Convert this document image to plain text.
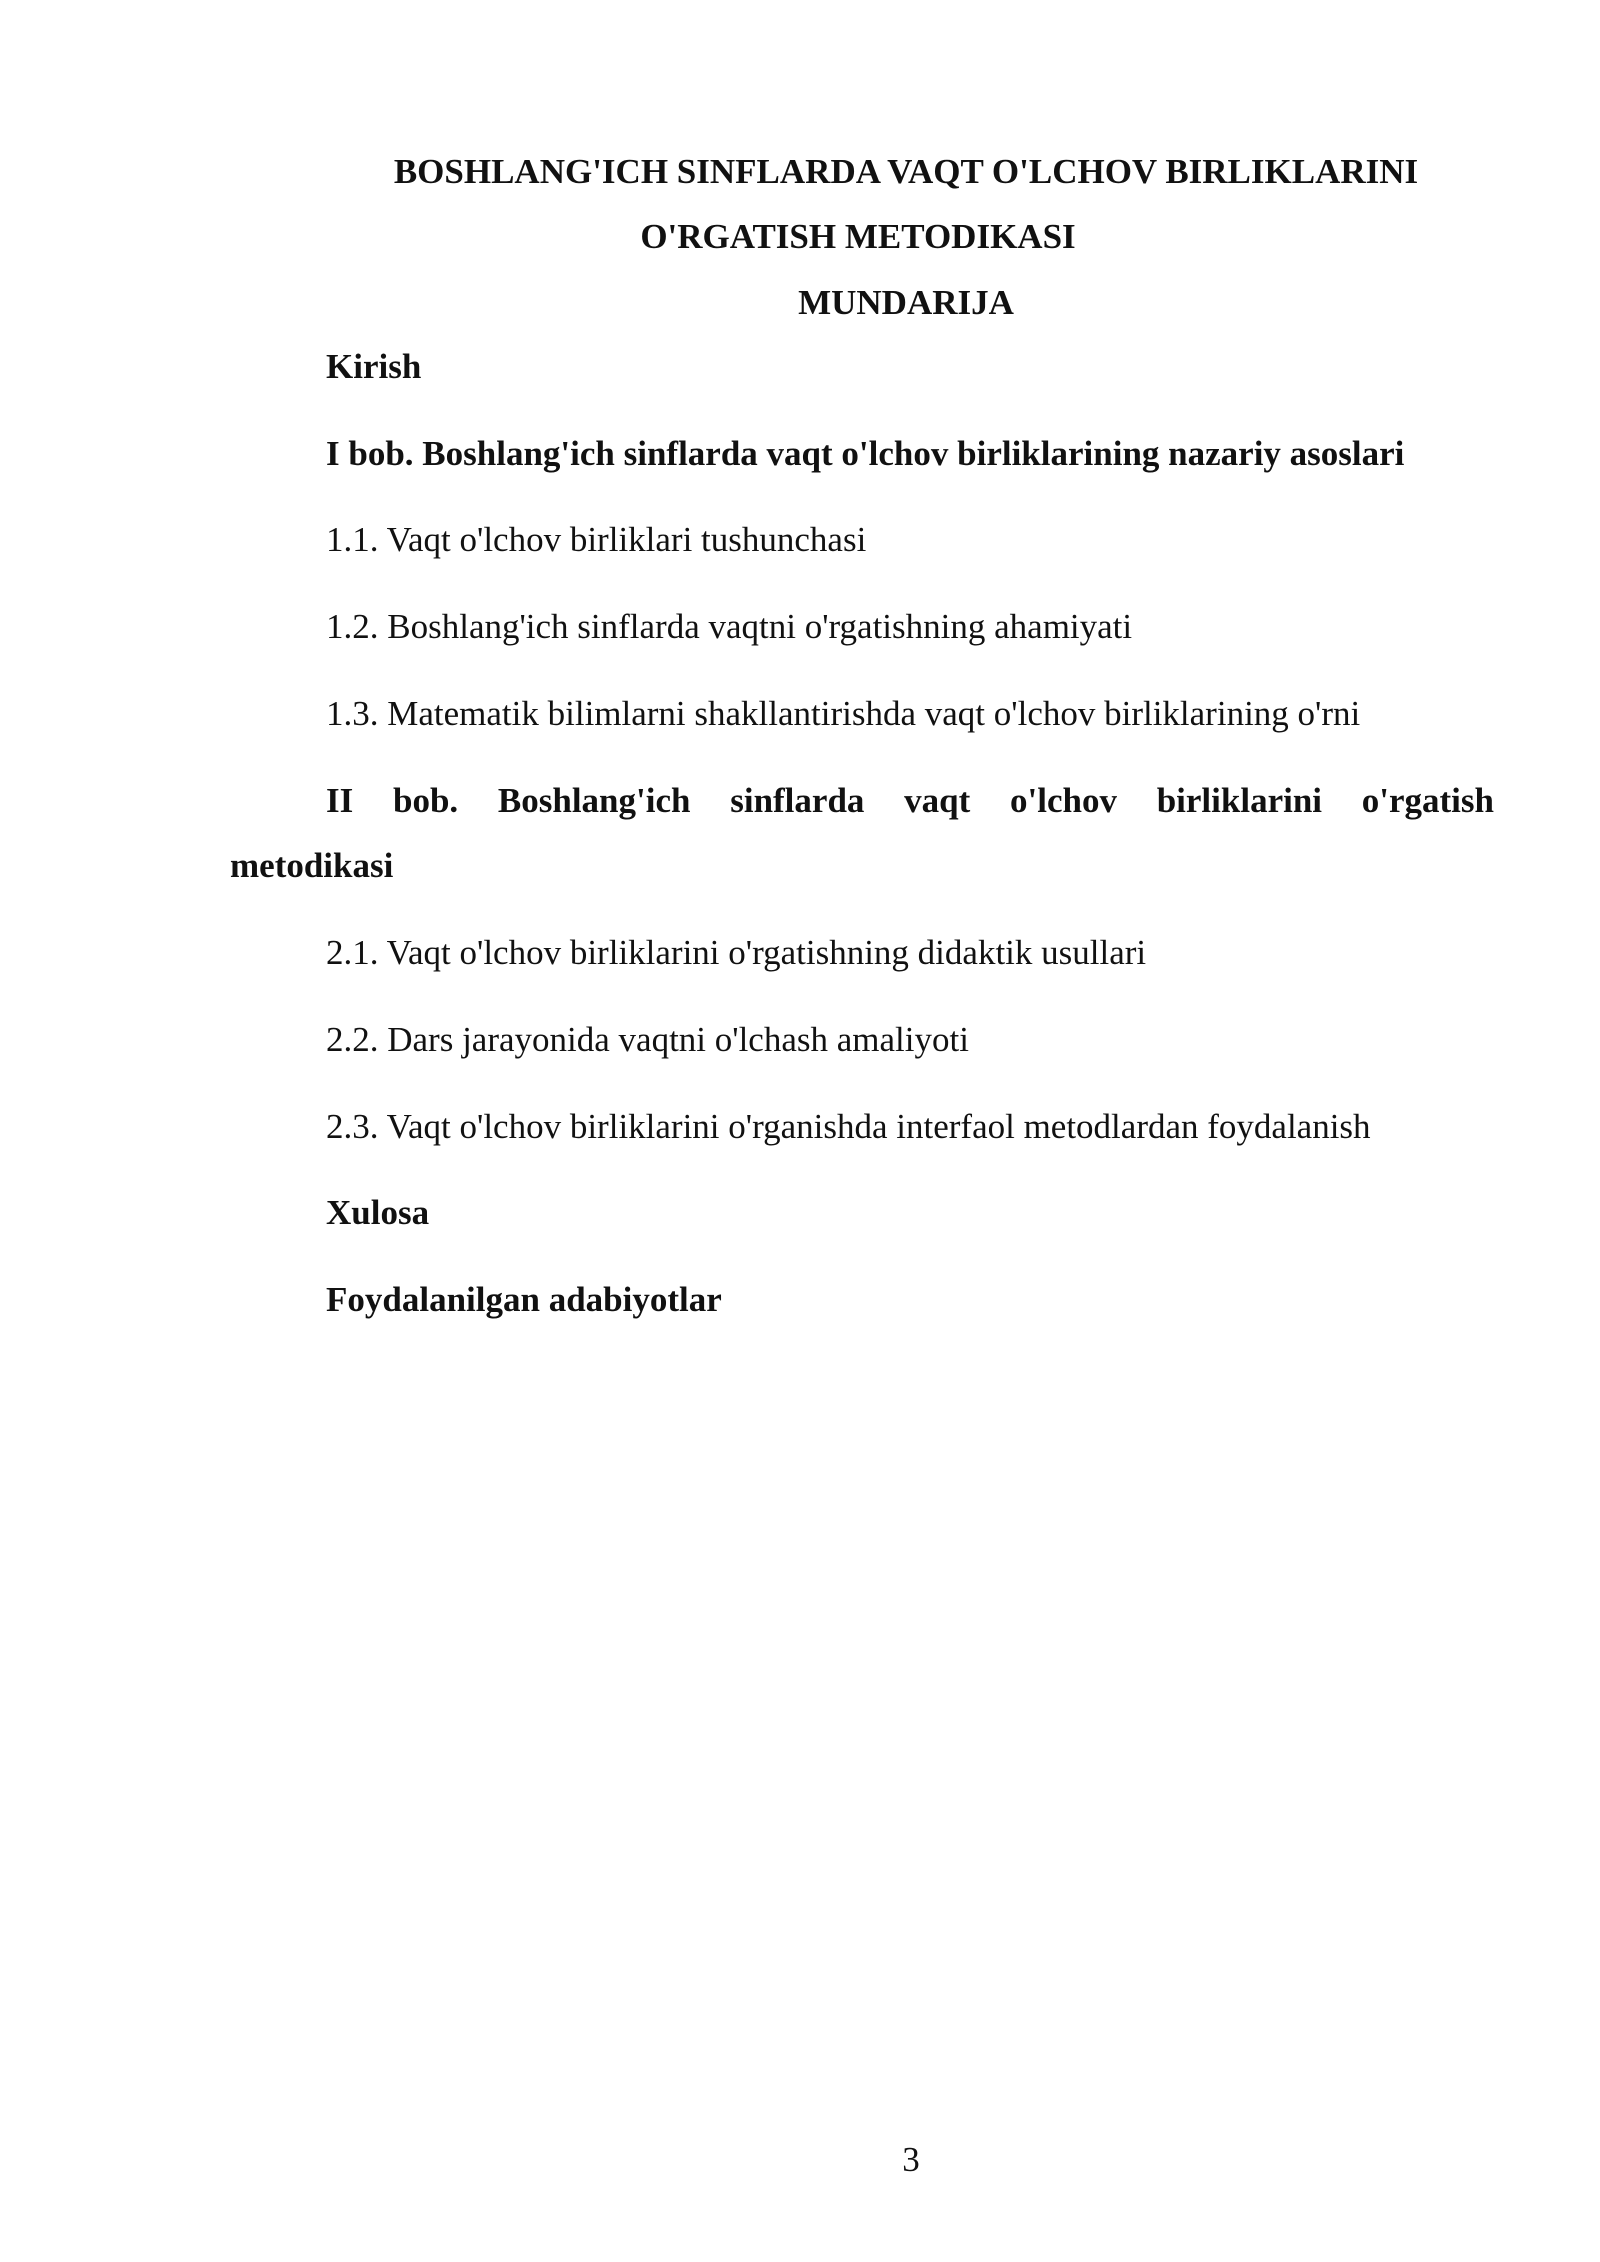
BOSHLANG'ICH SINFLARDA VAQT O'LCHOV BIRLIKLARINI
O'RGATISH METODIKASI
MUNDARIJA
Kirish
I bob. Boshlang'ich sinflarda vaqt o'lchov birliklarining nazariy asoslari
1.1. Vaqt o'lchov birliklari tushunchasi
1.2. Boshlang'ich sinflarda vaqtni o'rgatishning ahamiyati
1.3. Matematik bilimlarni shakllantirishda vaqt o'lchov birliklarining o'rni
II bob. Boshlang'ich sinflarda vaqt o'lchov birliklarini o'rgatish
metodikasi
2.1. Vaqt o'lchov birliklarini o'rgatishning didaktik usullari
2.2. Dars jarayonida vaqtni o'lchash amaliyoti
2.3. Vaqt o'lchov birliklarini o'rganishda interfaol metodlardan foydalanish
Xulosa
Foydalanilgan adabiyotlar
3
